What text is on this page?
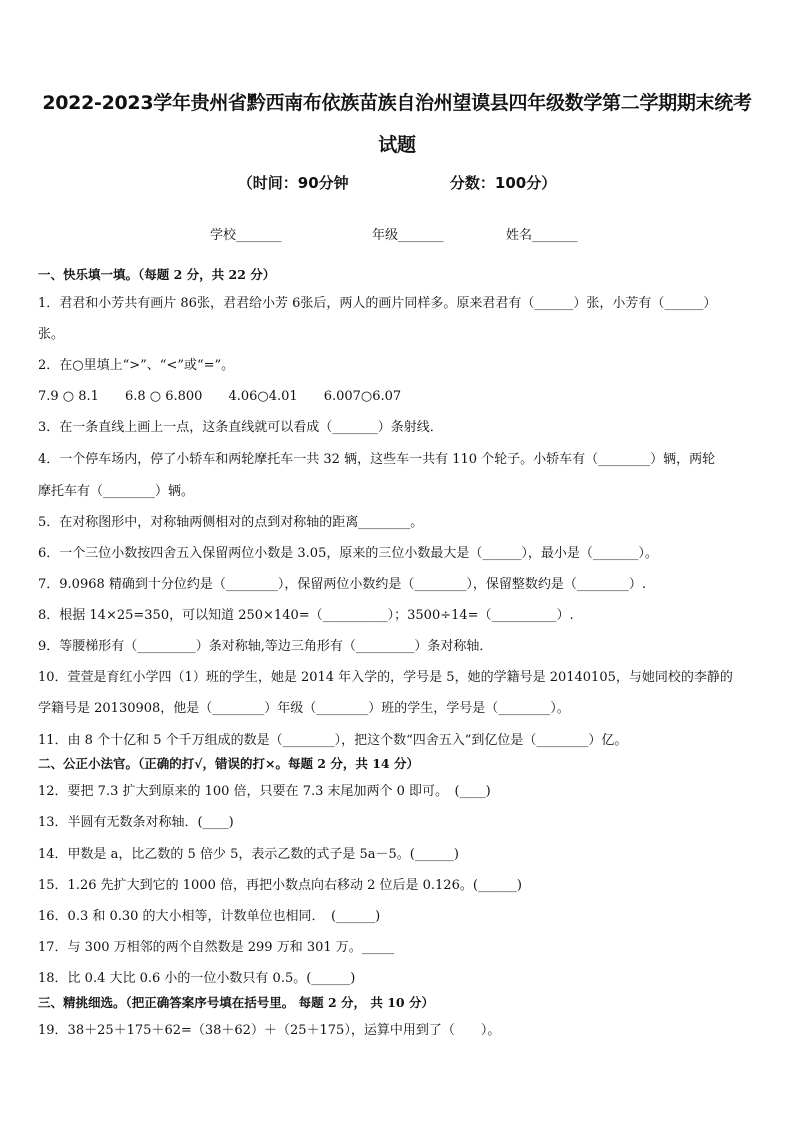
2022-2023学年贵州省黔西南布依族苗族自治州望谟县四年级数学第二学期期末统考
试题
（时间：90分钟	分数：100分）
学校_______	年级_______	姓名_______
一、快乐填一填。（每题 2 分，共 22 分）
1．君君和小芳共有画片 86张，君君给小芳 6张后，两人的画片同样多。原来君君有（______）张，小芳有（______）
张。
2．在○里填上“>”、“<”或“=”。
7.9 ○ 8.1　　6.8 ○ 6.800　　4.06○4.01　　6.007○6.07
3．在一条直线上画上一点，这条直线就可以看成（_______）条射线．
4．一个停车场内，停了小轿车和两轮摩托车一共 32 辆，这些车一共有 110 个轮子。小轿车有（________）辆，两轮
摩托车有（________）辆。
5．在对称图形中，对称轴两侧相对的点到对称轴的距离________。
6．一个三位小数按四舍五入保留两位小数是 3.05，原来的三位小数最大是（______），最小是（_______）。
7．9.0968 精确到十分位约是（________），保留两位小数约是（________），保留整数约是（________）.
8．根据 14×25=350，可以知道 250×140=（__________）；3500÷14=（__________）.
9．等腰梯形有（_________）条对称轴,等边三角形有（_________）条对称轴．
10．萱萱是育红小学四（1）班的学生，她是 2014 年入学的，学号是 5，她的学籍号是 20140105，与她同校的李静的
学籍号是 20130908，他是（________）年级（________）班的学生，学号是（________）。
11．由 8 个十亿和 5 个千万组成的数是（________），把这个数“四舍五入”到亿位是（________）亿。
二、公正小法官。（正确的打√，错误的打×。每题 2 分，共 14 分）
12．要把 7.3 扩大到原来的 100 倍，只要在 7.3 末尾加两个 0 即可。　(____)
13．半圆有无数条对称轴．(____)
14．甲数是 a，比乙数的 5 倍少 5，表示乙数的式子是 5a－5。(______)
15．1.26 先扩大到它的 1000 倍，再把小数点向右移动 2 位后是 0.126。(______)
16．0.3 和 0.30 的大小相等，计数单位也相同．　(______)
17．与 300 万相邻的两个自然数是 299 万和 301 万。_____
18．比 0.4 大比 0.6 小的一位小数只有 0.5。(______)
三、精挑细选。（把正确答案序号填在括号里。 每题 2 分， 共 10 分）
19．38＋25＋175＋62=（38＋62）＋（25＋175），运算中用到了（　　）。
